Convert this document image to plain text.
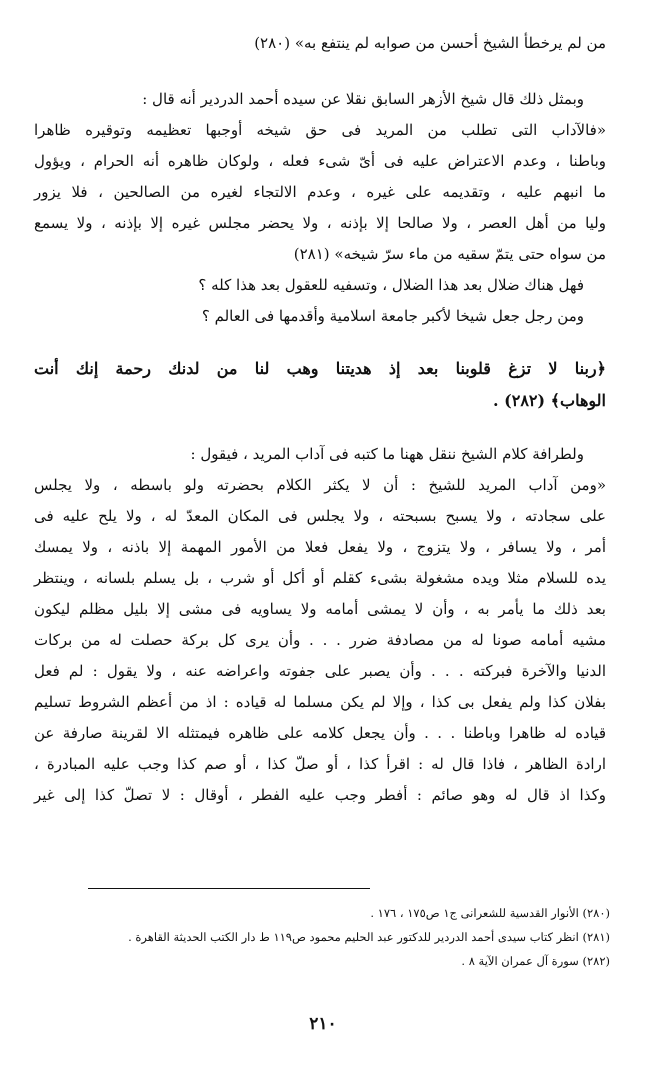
من لم يرخطأ الشيخ أحسن من صوابه لم ينتفع به» (٢٨٠)
وبمثل ذلك قال شيخ الأزهر السابق نقلا عن سيده أحمد الدردير أنه قال :
«فالآداب التى تطلب من المريد فى حق شيخه أوجبها تعظيمه وتوقيره ظاهرا
وباطنا ، وعدم الاعتراض عليه فى أىّ شىء فعله ، ولوكان ظاهره أنه الحرام ، ويؤول
ما انبهم عليه ، وتقديمه على غيره ، وعدم الالتجاء لغيره من الصالحين ، فلا يزور
وليا من أهل العصر ، ولا صالحا إلا بإذنه ، ولا يحضر مجلس غيره إلا بإذنه ، ولا يسمع
من سواه حتى يتمّ سقيه من ماء سرّ شيخه» (٢٨١)
فهل هناك ضلال بعد هذا الضلال ، وتسفيه للعقول بعد هذا كله ؟
ومن رجل جعل شيخا لأكبر جامعة اسلامية وأقدمها فى العالم ؟
﴿ربنا لا تزغ قلوبنا بعد إذ هديتنا وهب لنا من لدنك رحمة إنك أنت
الوهاب﴾ (٢٨٢) .
ولطرافة كلام الشيخ ننقل ههنا ما كتبه فى آداب المريد ، فيقول :
«ومن آداب المريد للشيخ : أن لا يكثر الكلام بحضرته ولو باسطه ، ولا يجلس
على سجادته ، ولا يسبح بسبحته ، ولا يجلس فى المكان المعدّ له ، ولا يلح عليه فى
أمر ، ولا يسافر ، ولا يتزوج ، ولا يفعل فعلا من الأمور المهمة إلا باذنه ، ولا يمسك
يده للسلام مثلا ويده مشغولة بشىء كقلم أو أكل أو شرب ، بل يسلم بلسانه ، وينتظر
بعد ذلك ما يأمر به ، وأن لا يمشى أمامه ولا يساويه فى مشى إلا بليل مظلم ليكون
مشيه أمامه صونا له من مصادفة ضرر . . . وأن يرى كل بركة حصلت له من بركات
الدنيا والآخرة فبركته . . . وأن يصبر على جفوته واعراضه عنه ، ولا يقول : لم فعل
بفلان كذا ولم يفعل بى كذا ، وإلا لم يكن مسلما له قياده : اذ من أعظم الشروط تسليم
قياده له ظاهرا وباطنا . . . وأن يجعل كلامه على ظاهره فيمتثله الا لقرينة صارفة عن
ارادة الظاهر ، فاذا قال له : اقرأ كذا ، أو صلّ كذا ، أو صم كذا وجب عليه المبادرة ،
وكذا اذ قال له وهو صائم : أفطر وجب عليه الفطر ، أوقال : لا تصلّ كذا إلى غير
(٢٨٠) الأنوار القدسية للشعرانى ج١ ص١٧٥ ، ١٧٦ .
(٢٨١) انظر كتاب سيدى أحمد الدردير للدكتور عبد الحليم محمود ص١١٩ ط دار الكتب الحديثة القاهرة .
(٢٨٢) سورة آل عمران الآية ٨ .
٢١٠
